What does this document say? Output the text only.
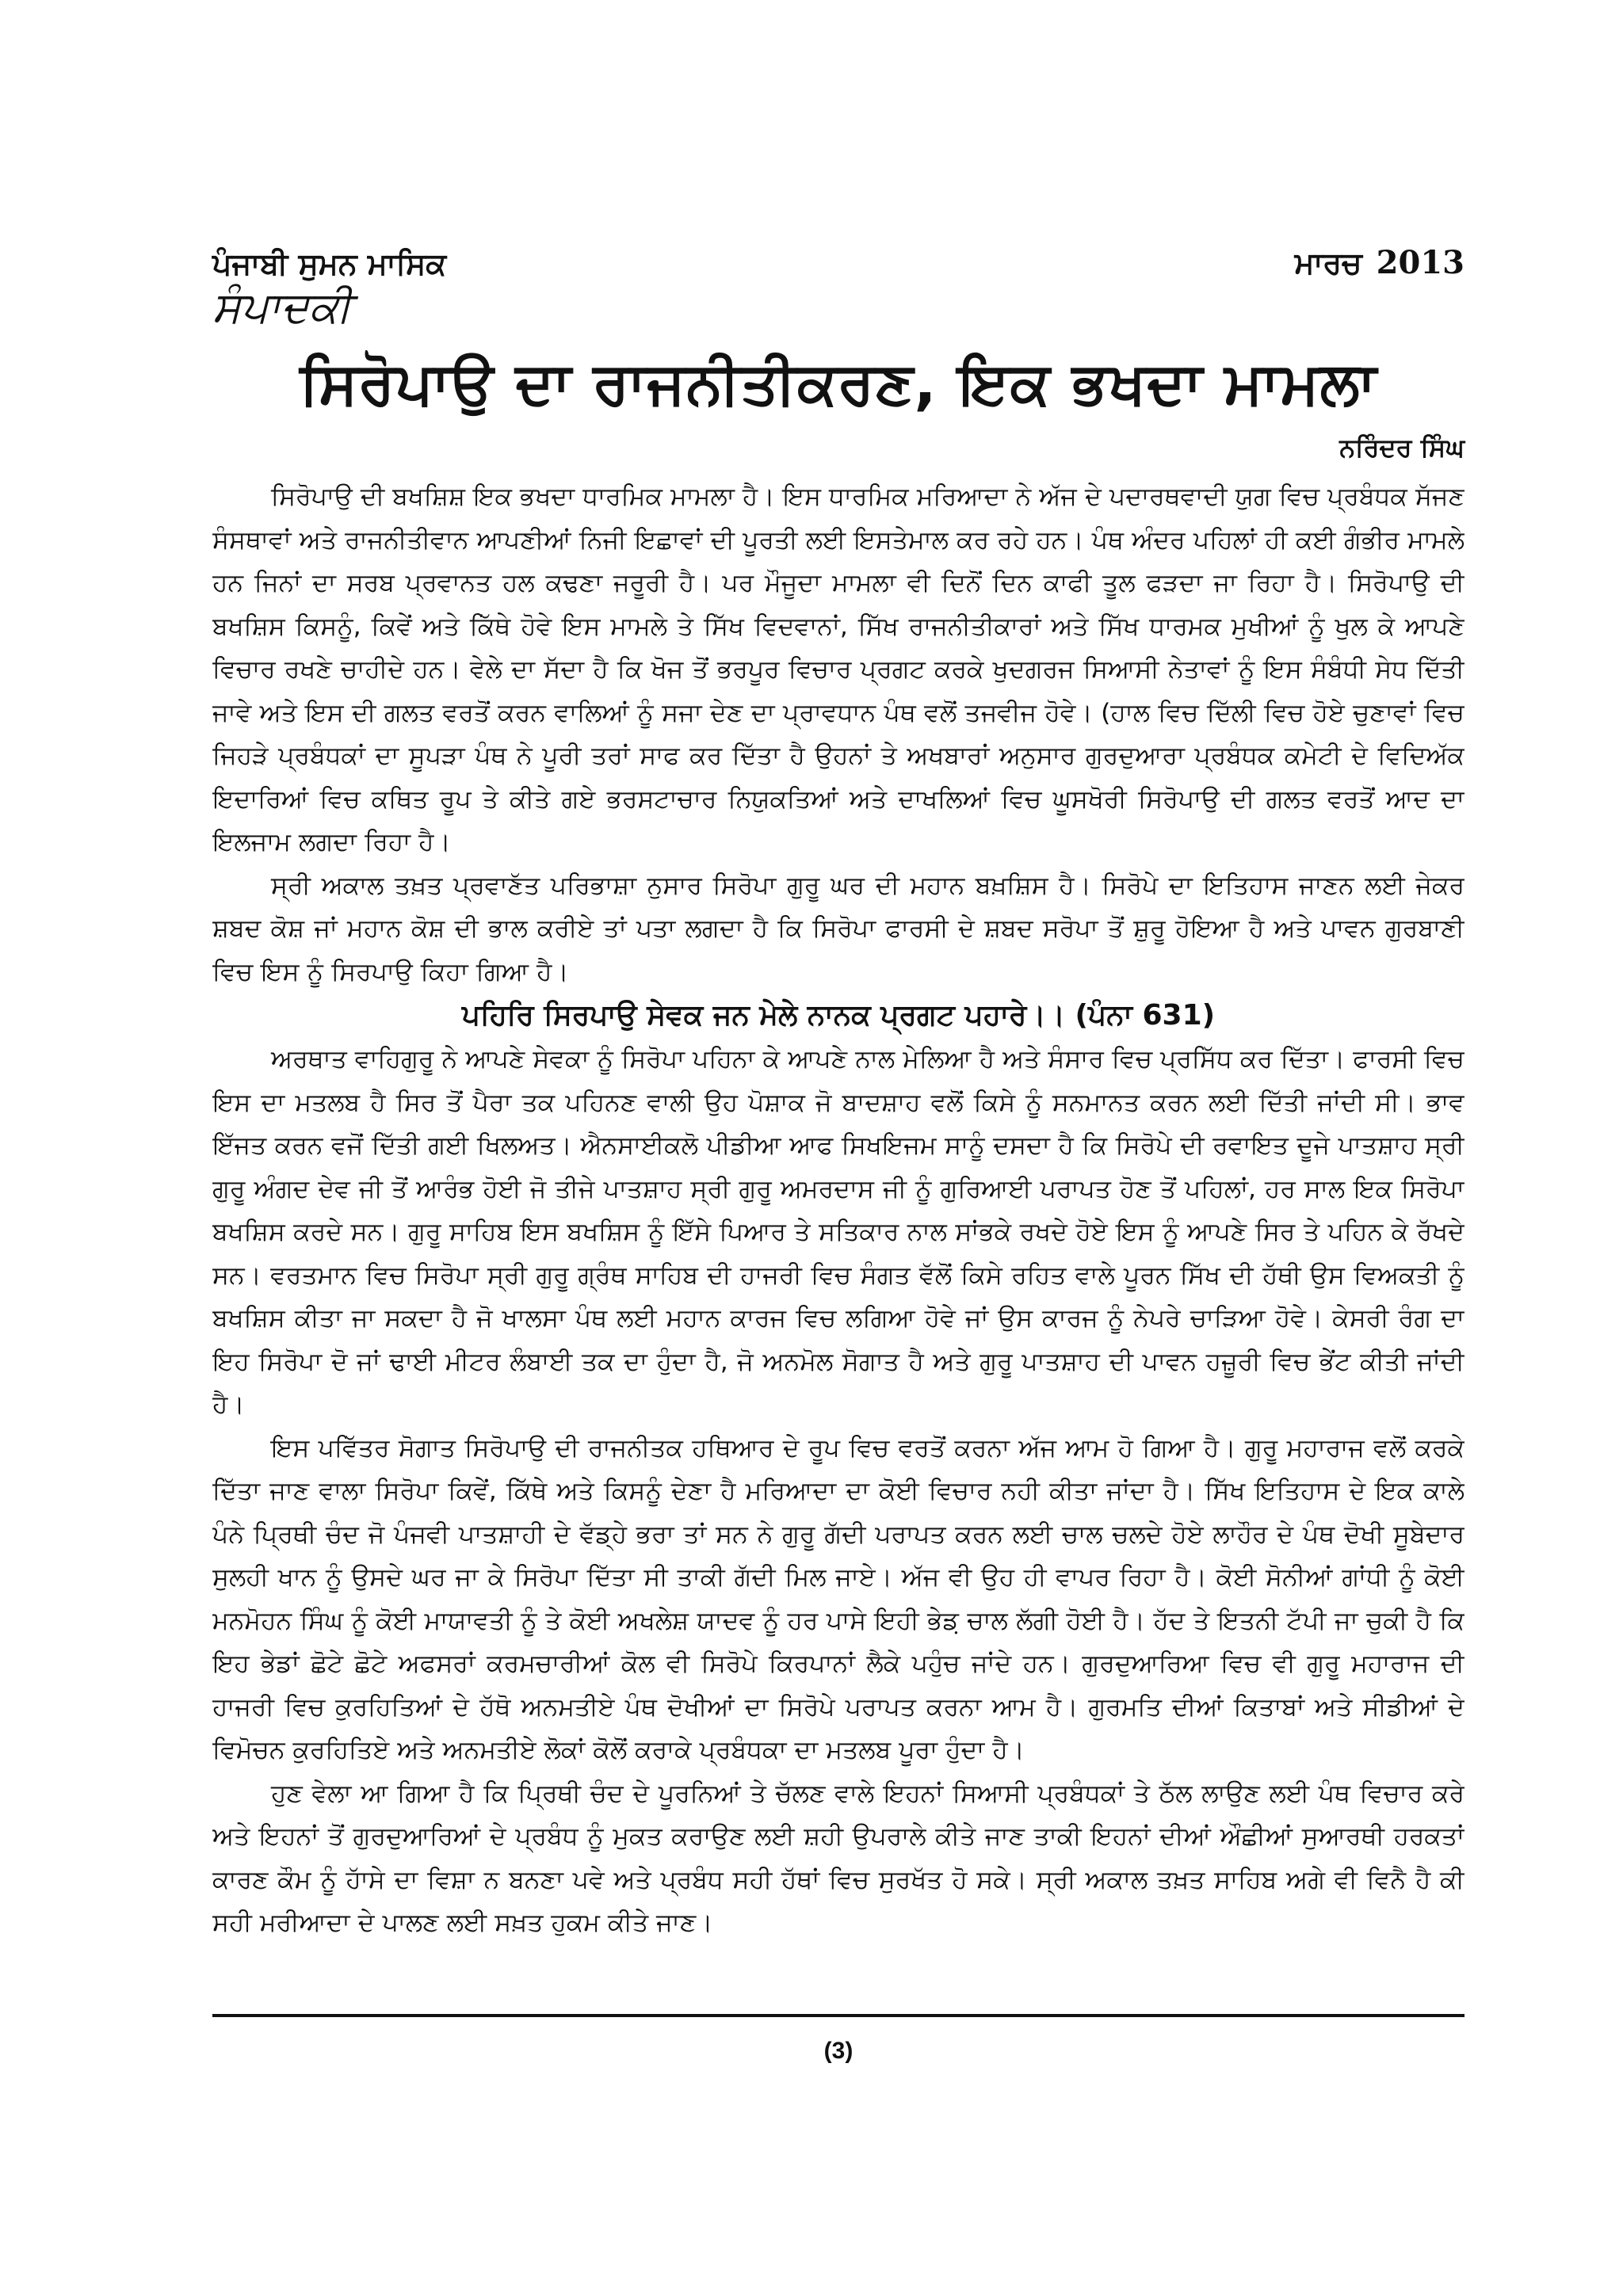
ਪੰਜਾਬੀ ਸੁਮਨ ਮਾਸਿਕ	ਮਾਰਚ 2013
ਸੰਪਾਦਕੀ
ਸਿਰੋਪਾਉ ਦਾ ਰਾਜਨੀਤੀਕਰਣ, ਇਕ ਭਖਦਾ ਮਾਮਲਾ
ਨਰਿੰਦਰ ਸਿੰਘ

ਸਿਰੋਪਾਉ ਦੀ ਬਖਸ਼ਿਸ਼ ਇਕ ਭਖਦਾ ਧਾਰਮਿਕ ਮਾਮਲਾ ਹੈ। ਇਸ ਧਾਰਮਿਕ ਮਰਿਆਦਾ ਨੇ ਅੱਜ ਦੇ ਪਦਾਰਥਵਾਦੀ ਯੁਗ ਵਿਚ ਪ੍ਰਬੰਧਕ ਸੱਜਣ ਸੰਸਥਾਵਾਂ ਅਤੇ ਰਾਜਨੀਤੀਵਾਨ ਆਪਣੀਆਂ ਨਿਜੀ ਇਛਾਵਾਂ ਦੀ ਪੂਰਤੀ ਲਈ ਇਸਤੇਮਾਲ ਕਰ ਰਹੇ ਹਨ। ਪੰਥ ਅੰਦਰ ਪਹਿਲਾਂ ਹੀ ਕਈ ਗੰਭੀਰ ਮਾਮਲੇ ਹਨ ਜਿਨਾਂ ਦਾ ਸਰਬ ਪ੍ਰਵਾਨਤ ਹਲ ਕਢਣਾ ਜਰੂਰੀ ਹੈ। ਪਰ ਮੌਜੂਦਾ ਮਾਮਲਾ ਵੀ ਦਿਨੋਂ ਦਿਨ ਕਾਫੀ ਤੂਲ ਫੜਦਾ ਜਾ ਰਿਹਾ ਹੈ। ਸਿਰੋਪਾਉ ਦੀ ਬਖਸ਼ਿਸ ਕਿਸਨੂੰ, ਕਿਵੇਂ ਅਤੇ ਕਿੱਥੇ ਹੋਵੇ ਇਸ ਮਾਮਲੇ ਤੇ ਸਿੱਖ ਵਿਦਵਾਨਾਂ, ਸਿੱਖ ਰਾਜਨੀਤੀਕਾਰਾਂ ਅਤੇ ਸਿੱਖ ਧਾਰਮਕ ਮੁਖੀਆਂ ਨੂੰ ਖੁਲ ਕੇ ਆਪਣੇ ਵਿਚਾਰ ਰਖਣੇ ਚਾਹੀਦੇ ਹਨ। ਵੇਲੇ ਦਾ ਸੱਦਾ ਹੈ ਕਿ ਖੋਜ ਤੋਂ ਭਰਪੂਰ ਵਿਚਾਰ ਪ੍ਰਗਟ ਕਰਕੇ ਖੁਦਗਰਜ ਸਿਆਸੀ ਨੇਤਾਵਾਂ ਨੂੰ ਇਸ ਸੰਬੰਧੀ ਸੇਧ ਦਿੱਤੀ ਜਾਵੇ ਅਤੇ ਇਸ ਦੀ ਗਲਤ ਵਰਤੋਂ ਕਰਨ ਵਾਲਿਆਂ ਨੂੰ ਸਜਾ ਦੇਣ ਦਾ ਪ੍ਰਾਵਧਾਨ ਪੰਥ ਵਲੋਂ ਤਜਵੀਜ ਹੋਵੇ। (ਹਾਲ ਵਿਚ ਦਿੱਲੀ ਵਿਚ ਹੋਏ ਚੁਣਾਵਾਂ ਵਿਚ ਜਿਹੜੇ ਪ੍ਰਬੰਧਕਾਂ ਦਾ ਸੂਪੜਾ ਪੰਥ ਨੇ ਪੂਰੀ ਤਰਾਂ ਸਾਫ ਕਰ ਦਿੱਤਾ ਹੈ ਉਹਨਾਂ ਤੇ ਅਖਬਾਰਾਂ ਅਨੁਸਾਰ ਗੁਰਦੁਆਰਾ ਪ੍ਰਬੰਧਕ ਕਮੇਟੀ ਦੇ ਵਿਦਿਅੱਕ ਇਦਾਰਿਆਂ ਵਿਚ ਕਥਿਤ ਰੂਪ ਤੇ ਕੀਤੇ ਗਏ ਭਰਸਟਾਚਾਰ ਨਿਯੁਕਤਿਆਂ ਅਤੇ ਦਾਖਲਿਆਂ ਵਿਚ ਘੂਸਖੋਰੀ ਸਿਰੋਪਾਉ ਦੀ ਗਲਤ ਵਰਤੋਂ ਆਦ ਦਾ ਇਲਜਾਮ ਲਗਦਾ ਰਿਹਾ ਹੈ।

ਸ੍ਰੀ ਅਕਾਲ ਤਖ਼ਤ ਪ੍ਰਵਾਣੱਤ ਪਰਿਭਾਸ਼ਾ ਨੁਸਾਰ ਸਿਰੋਪਾ ਗੁਰੂ ਘਰ ਦੀ ਮਹਾਨ ਬਖ਼ਸ਼ਿਸ ਹੈ। ਸਿਰੋਪੇ ਦਾ ਇਤਿਹਾਸ ਜਾਣਨ ਲਈ ਜੇਕਰ ਸ਼ਬਦ ਕੋਸ਼ ਜਾਂ ਮਹਾਨ ਕੋਸ਼ ਦੀ ਭਾਲ ਕਰੀਏ ਤਾਂ ਪਤਾ ਲਗਦਾ ਹੈ ਕਿ ਸਿਰੋਪਾ ਫਾਰਸੀ ਦੇ ਸ਼ਬਦ ਸਰੋਪਾ ਤੋਂ ਸ਼ੁਰੂ ਹੋਇਆ ਹੈ ਅਤੇ ਪਾਵਨ ਗੁਰਬਾਣੀ ਵਿਚ ਇਸ ਨੂੰ ਸਿਰਪਾਉ ਕਿਹਾ ਗਿਆ ਹੈ।

ਪਹਿਰਿ ਸਿਰਪਾਉ ਸੇਵਕ ਜਨ ਮੇਲੇ ਨਾਨਕ ਪ੍ਰਗਟ ਪਹਾਰੇ।। (ਪੰਨਾ 631)

ਅਰਥਾਤ ਵਾਹਿਗੁਰੂ ਨੇ ਆਪਣੇ ਸੇਵਕਾ ਨੂੰ ਸਿਰੋਪਾ ਪਹਿਨਾ ਕੇ ਆਪਣੇ ਨਾਲ ਮੇਲਿਆ ਹੈ ਅਤੇ ਸੰਸਾਰ ਵਿਚ ਪ੍ਰਸਿੱਧ ਕਰ ਦਿੱਤਾ। ਫਾਰਸੀ ਵਿਚ ਇਸ ਦਾ ਮਤਲਬ ਹੈ ਸਿਰ ਤੋਂ ਪੈਰਾ ਤਕ ਪਹਿਨਣ ਵਾਲੀ ਉਹ ਪੋਸ਼ਾਕ ਜੋ ਬਾਦਸ਼ਾਹ ਵਲੋਂ ਕਿਸੇ ਨੂੰ ਸਨਮਾਨਤ ਕਰਨ ਲਈ ਦਿੱਤੀ ਜਾਂਦੀ ਸੀ। ਭਾਵ ਇੱਜਤ ਕਰਨ ਵਜੋਂ ਦਿੱਤੀ ਗਈ ਖਿਲਅਤ। ਐਨਸਾਈਕਲੋ ਪੀਡੀਆ ਆਫ ਸਿਖਇਜਮ ਸਾਨੂੰ ਦਸਦਾ ਹੈ ਕਿ ਸਿਰੋਪੇ ਦੀ ਰਵਾਇਤ ਦੂਜੇ ਪਾਤਸ਼ਾਹ ਸ੍ਰੀ ਗੁਰੂ ਅੰਗਦ ਦੇਵ ਜੀ ਤੋਂ ਆਰੰਭ ਹੋਈ ਜੋ ਤੀਜੇ ਪਾਤਸ਼ਾਹ ਸ੍ਰੀ ਗੁਰੂ ਅਮਰਦਾਸ ਜੀ ਨੂੰ ਗੁਰਿਆਈ ਪਰਾਪਤ ਹੋਣ ਤੋਂ ਪਹਿਲਾਂ, ਹਰ ਸਾਲ ਇਕ ਸਿਰੋਪਾ ਬਖਸ਼ਿਸ ਕਰਦੇ ਸਨ। ਗੁਰੂ ਸਾਹਿਬ ਇਸ ਬਖਸ਼ਿਸ ਨੂੰ ਇੱਸੇ ਪਿਆਰ ਤੇ ਸਤਿਕਾਰ ਨਾਲ ਸਾਂਭਕੇ ਰਖਦੇ ਹੋਏ ਇਸ ਨੂੰ ਆਪਣੇ ਸਿਰ ਤੇ ਪਹਿਨ ਕੇ ਰੱਖਦੇ ਸਨ। ਵਰਤਮਾਨ ਵਿਚ ਸਿਰੋਪਾ ਸ੍ਰੀ ਗੁਰੂ ਗ੍ਰੰਥ ਸਾਹਿਬ ਦੀ ਹਾਜਰੀ ਵਿਚ ਸੰਗਤ ਵੱਲੋਂ ਕਿਸੇ ਰਹਿਤ ਵਾਲੇ ਪੂਰਨ ਸਿੱਖ ਦੀ ਹੱਥੀ ਉਸ ਵਿਅਕਤੀ ਨੂੰ ਬਖਸ਼ਿਸ ਕੀਤਾ ਜਾ ਸਕਦਾ ਹੈ ਜੋ ਖਾਲਸਾ ਪੰਥ ਲਈ ਮਹਾਨ ਕਾਰਜ ਵਿਚ ਲਗਿਆ ਹੋਵੇ ਜਾਂ ਉਸ ਕਾਰਜ ਨੂੰ ਨੇਪਰੇ ਚਾੜਿਆ ਹੋਵੇ। ਕੇਸਰੀ ਰੰਗ ਦਾ ਇਹ ਸਿਰੋਪਾ ਦੋ ਜਾਂ ਢਾਈ ਮੀਟਰ ਲੰਬਾਈ ਤਕ ਦਾ ਹੁੰਦਾ ਹੈ, ਜੋ ਅਨਮੋਲ ਸੋਗਾਤ ਹੈ ਅਤੇ ਗੁਰੂ ਪਾਤਸ਼ਾਹ ਦੀ ਪਾਵਨ ਹਜ਼ੂਰੀ ਵਿਚ ਭੇਂਟ ਕੀਤੀ ਜਾਂਦੀ ਹੈ।

ਇਸ ਪਵਿੱਤਰ ਸੋਗਾਤ ਸਿਰੋਪਾਉ ਦੀ ਰਾਜਨੀਤਕ ਹਥਿਆਰ ਦੇ ਰੂਪ ਵਿਚ ਵਰਤੋਂ ਕਰਨਾ ਅੱਜ ਆਮ ਹੋ ਗਿਆ ਹੈ। ਗੁਰੂ ਮਹਾਰਾਜ ਵਲੋਂ ਕਰਕੇ ਦਿੱਤਾ ਜਾਣ ਵਾਲਾ ਸਿਰੋਪਾ ਕਿਵੇਂ, ਕਿੱਥੇ ਅਤੇ ਕਿਸਨੂੰ ਦੇਣਾ ਹੈ ਮਰਿਆਦਾ ਦਾ ਕੋਈ ਵਿਚਾਰ ਨਹੀ ਕੀਤਾ ਜਾਂਦਾ ਹੈ। ਸਿੱਖ ਇਤਿਹਾਸ ਦੇ ਇਕ ਕਾਲੇ ਪੰਨੇ ਪ੍ਰਿਥੀ ਚੰਦ ਜੋ ਪੰਜਵੀ ਪਾਤਸ਼ਾਹੀ ਦੇ ਵੱਡ੍ਹੇ ਭਰਾ ਤਾਂ ਸਨ ਨੇ ਗੁਰੂ ਗੱਦੀ ਪਰਾਪਤ ਕਰਨ ਲਈ ਚਾਲ ਚਲਦੇ ਹੋਏ ਲਾਹੌਰ ਦੇ ਪੰਥ ਦੋਖੀ ਸੂਬੇਦਾਰ ਸੁਲਹੀ ਖਾਨ ਨੂੰ ਉਸਦੇ ਘਰ ਜਾ ਕੇ ਸਿਰੋਪਾ ਦਿੱਤਾ ਸੀ ਤਾਕੀ ਗੱਦੀ ਮਿਲ ਜਾਏ। ਅੱਜ ਵੀ ਉਹ ਹੀ ਵਾਪਰ ਰਿਹਾ ਹੈ। ਕੋਈ ਸੋਨੀਆਂ ਗਾਂਧੀ ਨੂੰ ਕੋਈ ਮਨਮੋਹਨ ਸਿੰਘ ਨੂੰ ਕੋਈ ਮਾਯਾਵਤੀ ਨੂੰ ਤੇ ਕੋਈ ਅਖਲੇਸ਼ ਯਾਦਵ ਨੂੰ ਹਰ ਪਾਸੇ ਇਹੀ ਭੇਡ਼ ਚਾਲ ਲੱਗੀ ਹੋਈ ਹੈ। ਹੱਦ ਤੇ ਇਤਨੀ ਟੱਪੀ ਜਾ ਚੁਕੀ ਹੈ ਕਿ ਇਹ ਭੇਡਾਂ ਛੋਟੇ ਛੋਟੇ ਅਫਸਰਾਂ ਕਰਮਚਾਰੀਆਂ ਕੋਲ ਵੀ ਸਿਰੋਪੇ ਕਿਰਪਾਨਾਂ ਲੈਕੇ ਪਹੁੰਚ ਜਾਂਦੇ ਹਨ। ਗੁਰਦੁਆਰਿਆ ਵਿਚ ਵੀ ਗੁਰੂ ਮਹਾਰਾਜ ਦੀ ਹਾਜਰੀ ਵਿਚ ਕੁਰਹਿਤਿਆਂ ਦੇ ਹੱਥੋ ਅਨਮਤੀਏ ਪੰਥ ਦੋਖੀਆਂ ਦਾ ਸਿਰੋਪੇ ਪਰਾਪਤ ਕਰਨਾ ਆਮ ਹੈ। ਗੁਰਮਤਿ ਦੀਆਂ ਕਿਤਾਬਾਂ ਅਤੇ ਸੀਡੀਆਂ ਦੇ ਵਿਮੋਚਨ ਕੁਰਹਿਤਿਏ ਅਤੇ ਅਨਮਤੀਏ ਲੋਕਾਂ ਕੋਲੋਂ ਕਰਾਕੇ ਪ੍ਰਬੰਧਕਾ ਦਾ ਮਤਲਬ ਪੂਰਾ ਹੁੰਦਾ ਹੈ।

ਹੁਣ ਵੇਲਾ ਆ ਗਿਆ ਹੈ ਕਿ ਪ੍ਰਿਥੀ ਚੰਦ ਦੇ ਪੂਰਨਿਆਂ ਤੇ ਚੱਲਣ ਵਾਲੇ ਇਹਨਾਂ ਸਿਆਸੀ ਪ੍ਰਬੰਧਕਾਂ ਤੇ ਠੱਲ ਲਾਉਣ ਲਈ ਪੰਥ ਵਿਚਾਰ ਕਰੇ ਅਤੇ ਇਹਨਾਂ ਤੋਂ ਗੁਰਦੁਆਰਿਆਂ ਦੇ ਪ੍ਰਬੰਧ ਨੂੰ ਮੁਕਤ ਕਰਾਉਣ ਲਈ ਸ਼ਹੀ ਉਪਰਾਲੇ ਕੀਤੇ ਜਾਣ ਤਾਕੀ ਇਹਨਾਂ ਦੀਆਂ ਔਛੀਆਂ ਸੁਆਰਥੀ ਹਰਕਤਾਂ ਕਾਰਣ ਕੌਮ ਨੂੰ ਹਾੱਸੇ ਦਾ ਵਿਸ਼ਾ ਨ ਬਨਣਾ ਪਵੇ ਅਤੇ ਪ੍ਰਬੰਧ ਸਹੀ ਹੱਥਾਂ ਵਿਚ ਸੁਰਖੱਤ ਹੋ ਸਕੇ। ਸ੍ਰੀ ਅਕਾਲ ਤਖ਼ਤ ਸਾਹਿਬ ਅਗੇ ਵੀ ਵਿਨੈ ਹੈ ਕੀ ਸਹੀ ਮਰੀਆਦਾ ਦੇ ਪਾਲਣ ਲਈ ਸਖ਼ਤ ਹੁਕਮ ਕੀਤੇ ਜਾਣ।

(3)
